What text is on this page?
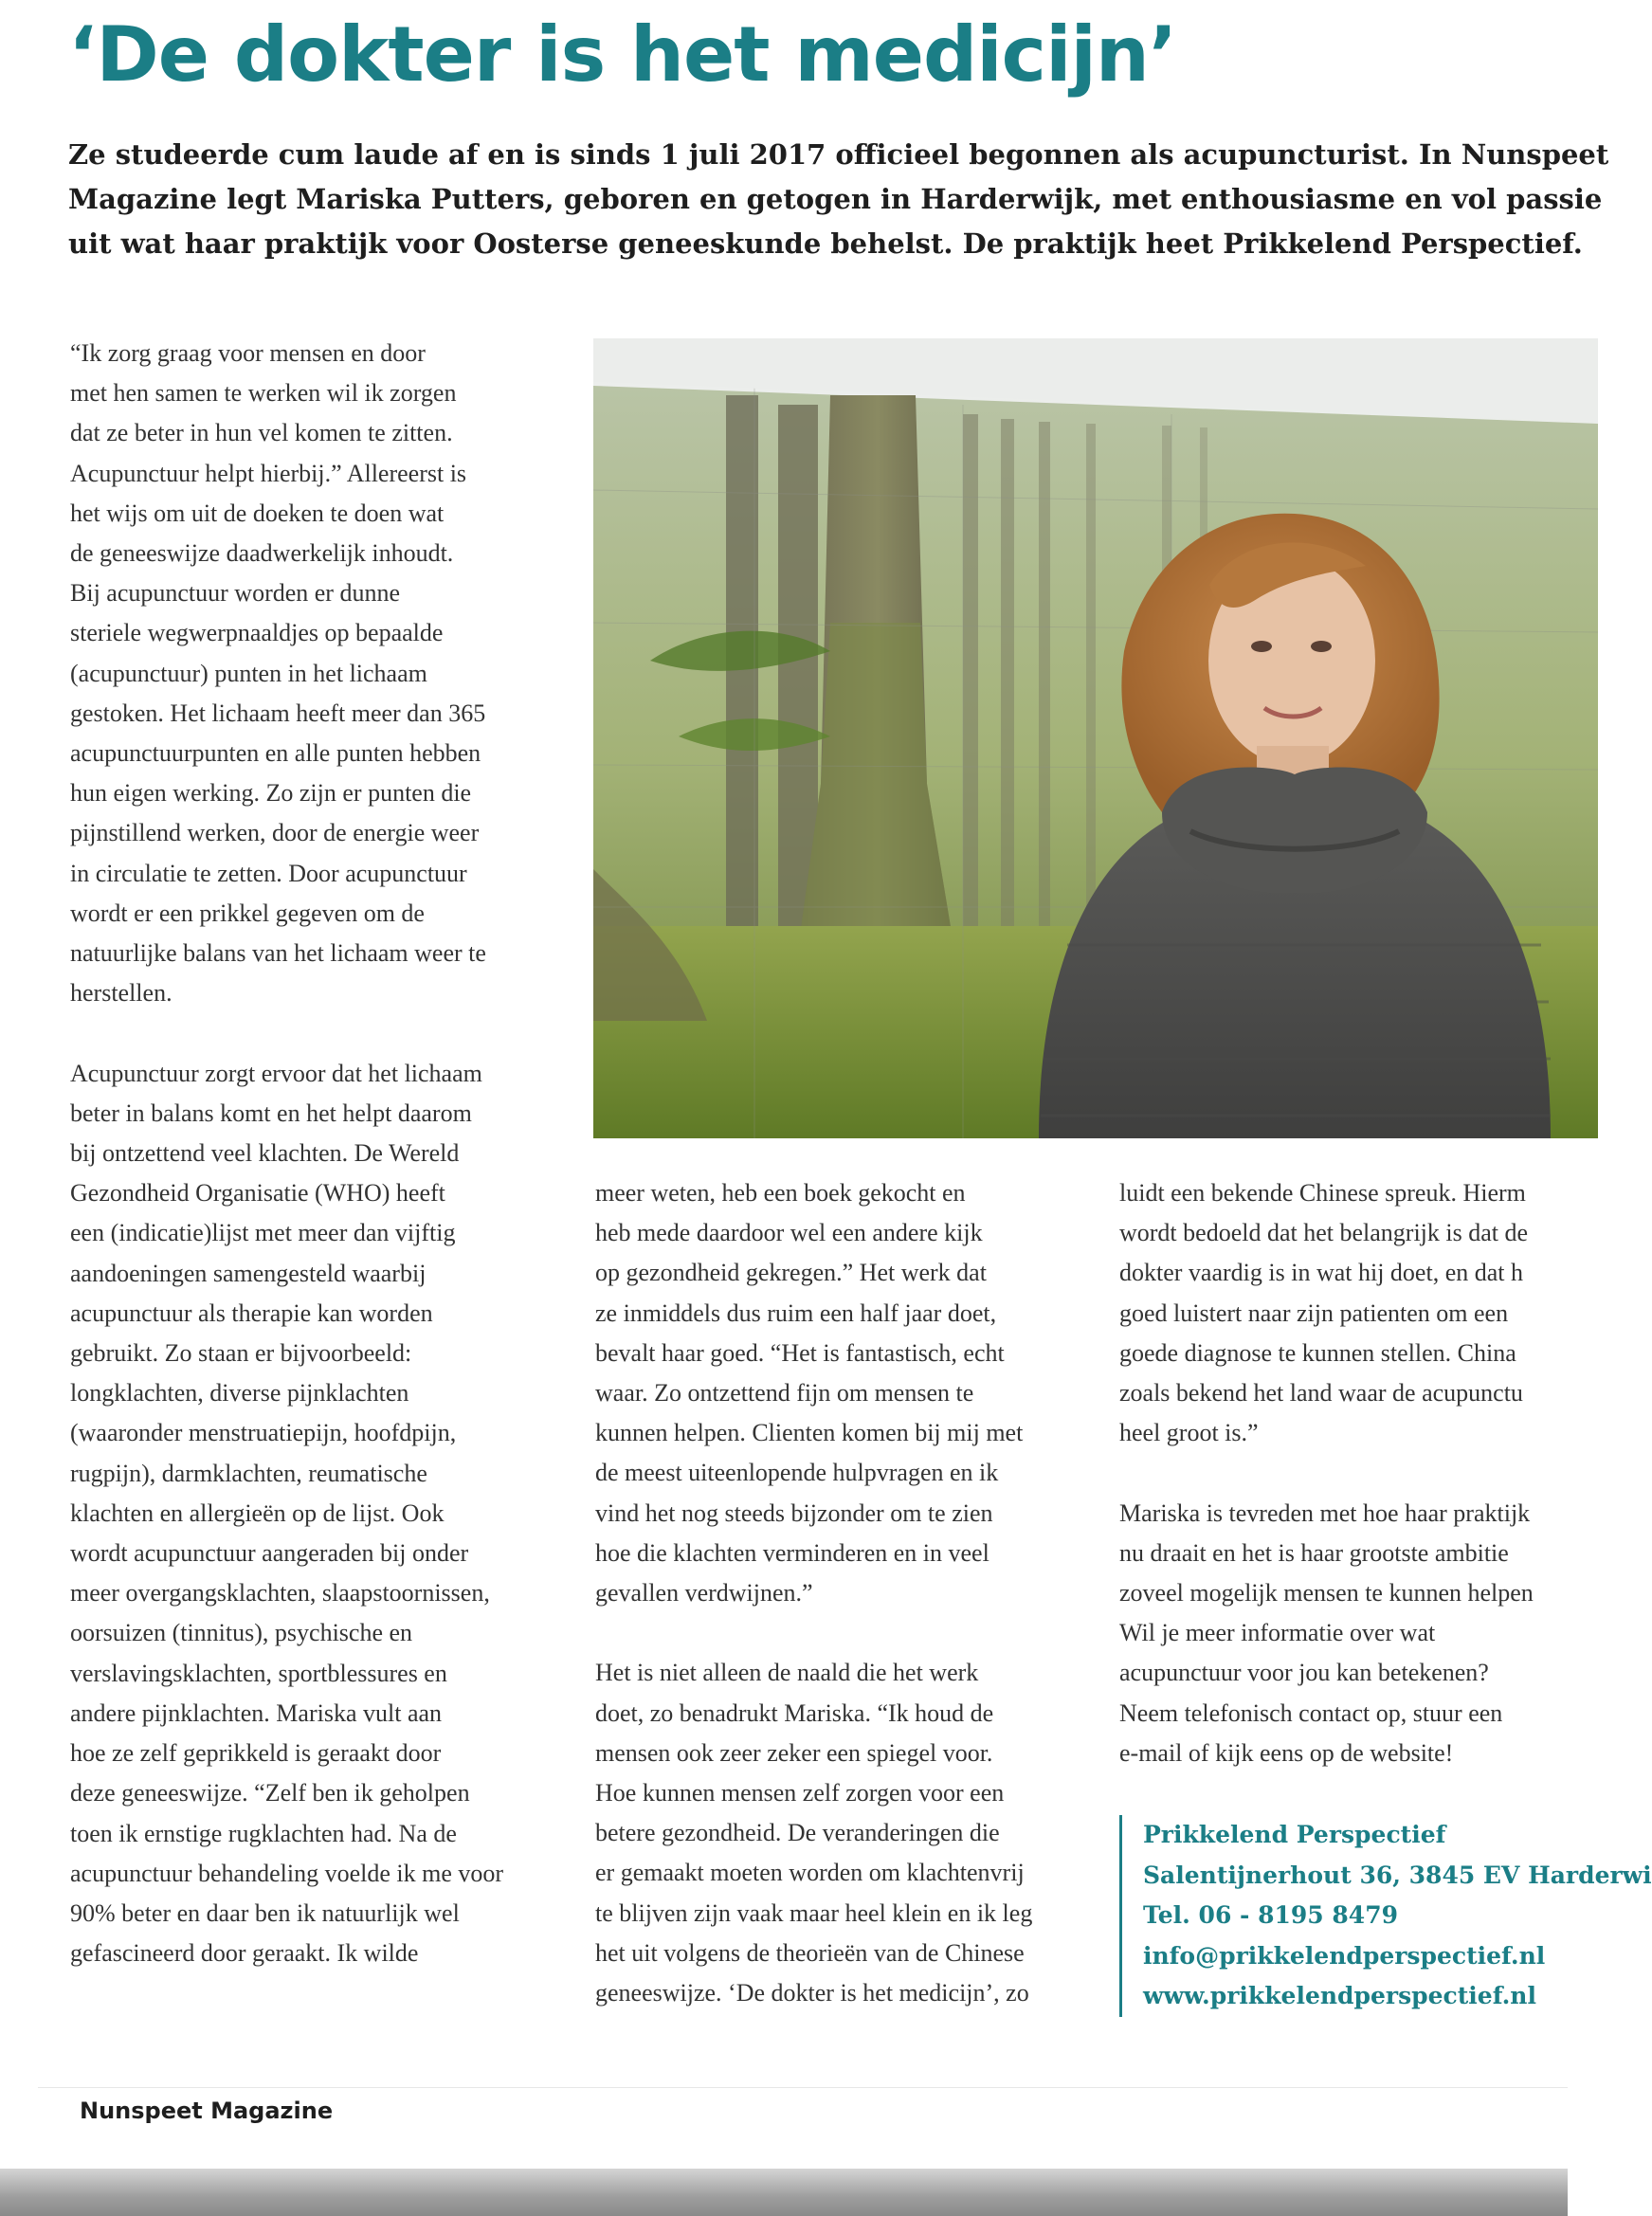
‘De dokter is het medicijn’
Ze studeerde cum laude af en is sinds 1 juli 2017 officieel begonnen als acupuncturist. In Nunspeet
Magazine legt Mariska Putters, geboren en getogen in Harderwijk, met enthousiasme en vol passie
uit wat haar praktijk voor Oosterse geneeskunde behelst. De praktijk heet Prikkelend Perspectief.
“Ik zorg graag voor mensen en door
met hen samen te werken wil ik zorgen
dat ze beter in hun vel komen te zitten.
Acupunctuur helpt hierbij.” Allereerst is
het wijs om uit de doeken te doen wat
de geneeswijze daadwerkelijk inhoudt.
Bij acupunctuur worden er dunne
steriele wegwerpnaaldjes op bepaalde
(acupunctuur) punten in het lichaam
gestoken. Het lichaam heeft meer dan 365
acupunctuurpunten en alle punten hebben
hun eigen werking. Zo zijn er punten die
pijnstillend werken, door de energie weer
in circulatie te zetten. Door acupunctuur
wordt er een prikkel gegeven om de
natuurlijke balans van het lichaam weer te
herstellen.
Acupunctuur zorgt ervoor dat het lichaam
beter in balans komt en het helpt daarom
bij ontzettend veel klachten. De Wereld
Gezondheid Organisatie (WHO) heeft
een (indicatie)lijst met meer dan vijftig
aandoeningen samengesteld waarbij
acupunctuur als therapie kan worden
gebruikt. Zo staan er bijvoorbeeld:
longklachten, diverse pijnklachten
(waaronder menstruatiepijn, hoofdpijn,
rugpijn), darmklachten, reumatische
klachten en allergieën op de lijst. Ook
wordt acupunctuur aangeraden bij onder
meer overgangsklachten, slaapstoornissen,
oorsuizen (tinnitus), psychische en
verslavingsklachten, sportblessures en
andere pijnklachten. Mariska vult aan
hoe ze zelf geprikkeld is geraakt door
deze geneeswijze. “Zelf ben ik geholpen
toen ik ernstige rugklachten had. Na de
acupunctuur behandeling voelde ik me voor
90% beter en daar ben ik natuurlijk wel
gefascineerd door geraakt. Ik wilde
meer weten, heb een boek gekocht en
heb mede daardoor wel een andere kijk
op gezondheid gekregen.” Het werk dat
ze inmiddels dus ruim een half jaar doet,
bevalt haar goed. “Het is fantastisch, echt
waar. Zo ontzettend fijn om mensen te
kunnen helpen. Clienten komen bij mij met
de meest uiteenlopende hulpvragen en ik
vind het nog steeds bijzonder om te zien
hoe die klachten verminderen en in veel
gevallen verdwijnen.”
Het is niet alleen de naald die het werk
doet, zo benadrukt Mariska. “Ik houd de
mensen ook zeer zeker een spiegel voor.
Hoe kunnen mensen zelf zorgen voor een
betere gezondheid. De veranderingen die
er gemaakt moeten worden om klachtenvrij
te blijven zijn vaak maar heel klein en ik leg
het uit volgens de theorieën van de Chinese
geneeswijze. ‘De dokter is het medicijn’, zo
luidt een bekende Chinese spreuk. Hierm
wordt bedoeld dat het belangrijk is dat de
dokter vaardig is in wat hij doet, en dat h
goed luistert naar zijn patienten om een
goede diagnose te kunnen stellen. China
zoals bekend het land waar de acupunctu
heel groot is.”
Mariska is tevreden met hoe haar praktijk
nu draait en het is haar grootste ambitie
zoveel mogelijk mensen te kunnen helpen
Wil je meer informatie over wat
acupunctuur voor jou kan betekenen?
Neem telefonisch contact op, stuur een
e-mail of kijk eens op de website!
Prikkelend Perspectief
Salentijnerhout 36, 3845 EV Harderwi
Tel. 06 - 8195 8479
info@prikkelendperspectief.nl
www.prikkelendperspectief.nl
Nunspeet Magazine
